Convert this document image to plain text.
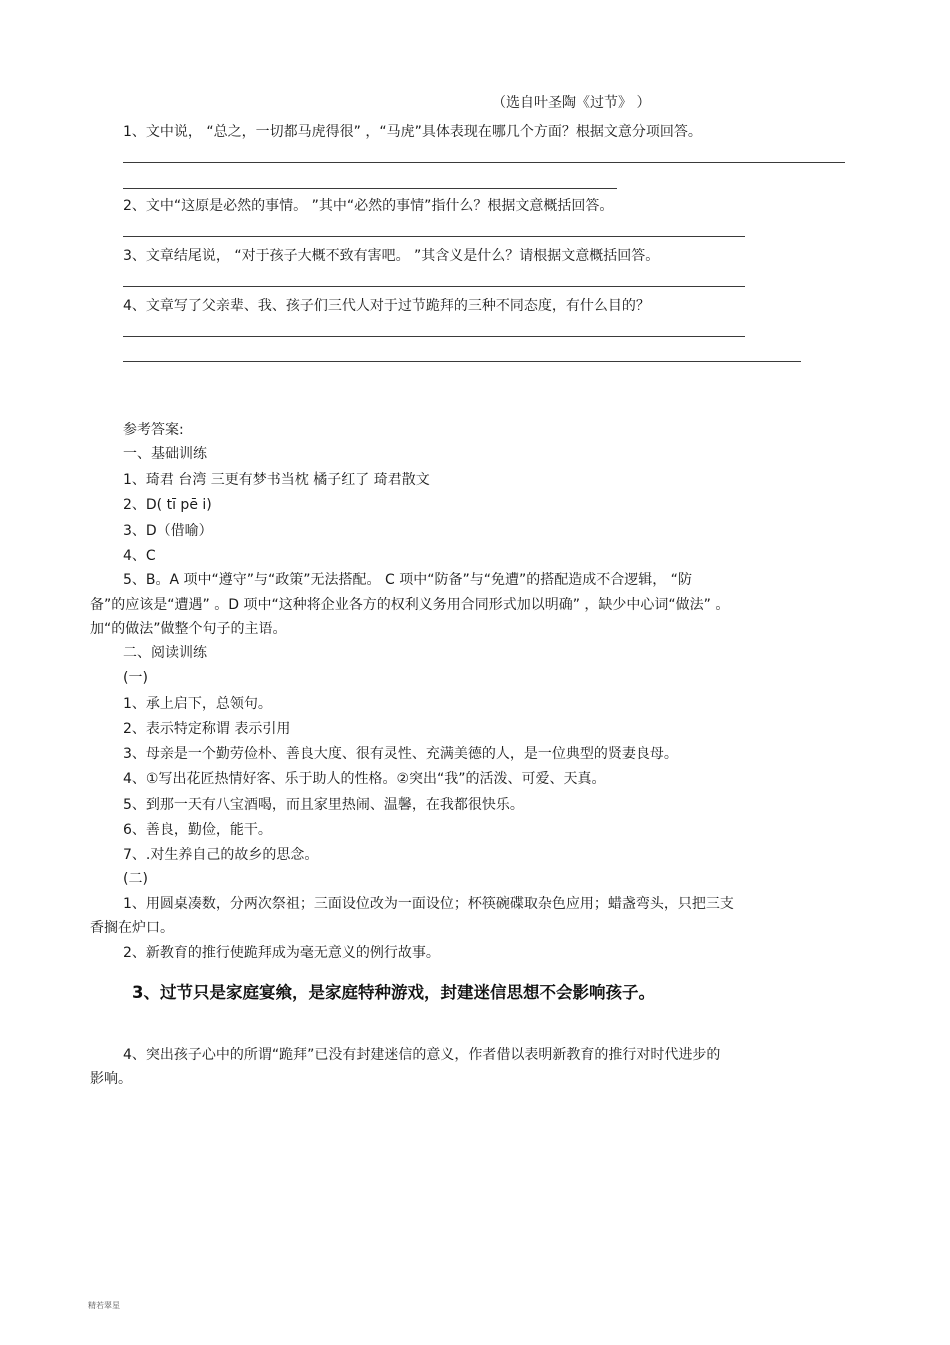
（选自叶圣陶《过节》 ）
1、文中说， “总之，一切都马虎得很” ，“马虎”具体表现在哪几个方面？根据文意分项回答。
2、文中“这原是必然的事情。 ”其中“必然的事情”指什么？根据文意概括回答。
3、文章结尾说， “对于孩子大概不致有害吧。 ”其含义是什么？请根据文意概括回答。
4、文章写了父亲辈、我、孩子们三代人对于过节跪拜的三种不同态度，有什么目的？
参考答案:
一、基础训练
1、琦君 台湾 三更有梦书当枕 橘子红了 琦君散文
2、D( tī pē i)
3、D（借喻）
4、C
5、B。A 项中“遵守”与“政策”无法搭配。 C 项中“防备”与“免遭”的搭配造成不合逻辑， “防
备”的应该是“遭遇” 。D 项中“这种将企业各方的权利义务用合同形式加以明确” ，缺少中心词“做法” 。
加“的做法”做整个句子的主语。
二、阅读训练
(一)
1、承上启下，总领句。
2、表示特定称谓 表示引用
3、母亲是一个勤劳俭朴、善良大度、很有灵性、充满美德的人，是一位典型的贤妻良母。
4、①写出花匠热情好客、乐于助人的性格。②突出“我”的活泼、可爱、天真。
5、到那一天有八宝酒喝，而且家里热闹、温馨，在我都很快乐。
6、善良，勤俭，能干。
7、.对生养自己的故乡的思念。
(二)
1、用圆桌凑数，分两次祭祖；三面设位改为一面设位；杯筷碗碟取杂色应用；蜡盏弯头，只把三支
香搁在炉口。
2、新教育的推行使跪拜成为毫无意义的例行故事。
3、过节只是家庭宴飨，是家庭特种游戏，封建迷信思想不会影响孩子。
4、突出孩子心中的所谓“跪拜”已没有封建迷信的意义，作者借以表明新教育的推行对时代进步的
影响。
精若翠星
